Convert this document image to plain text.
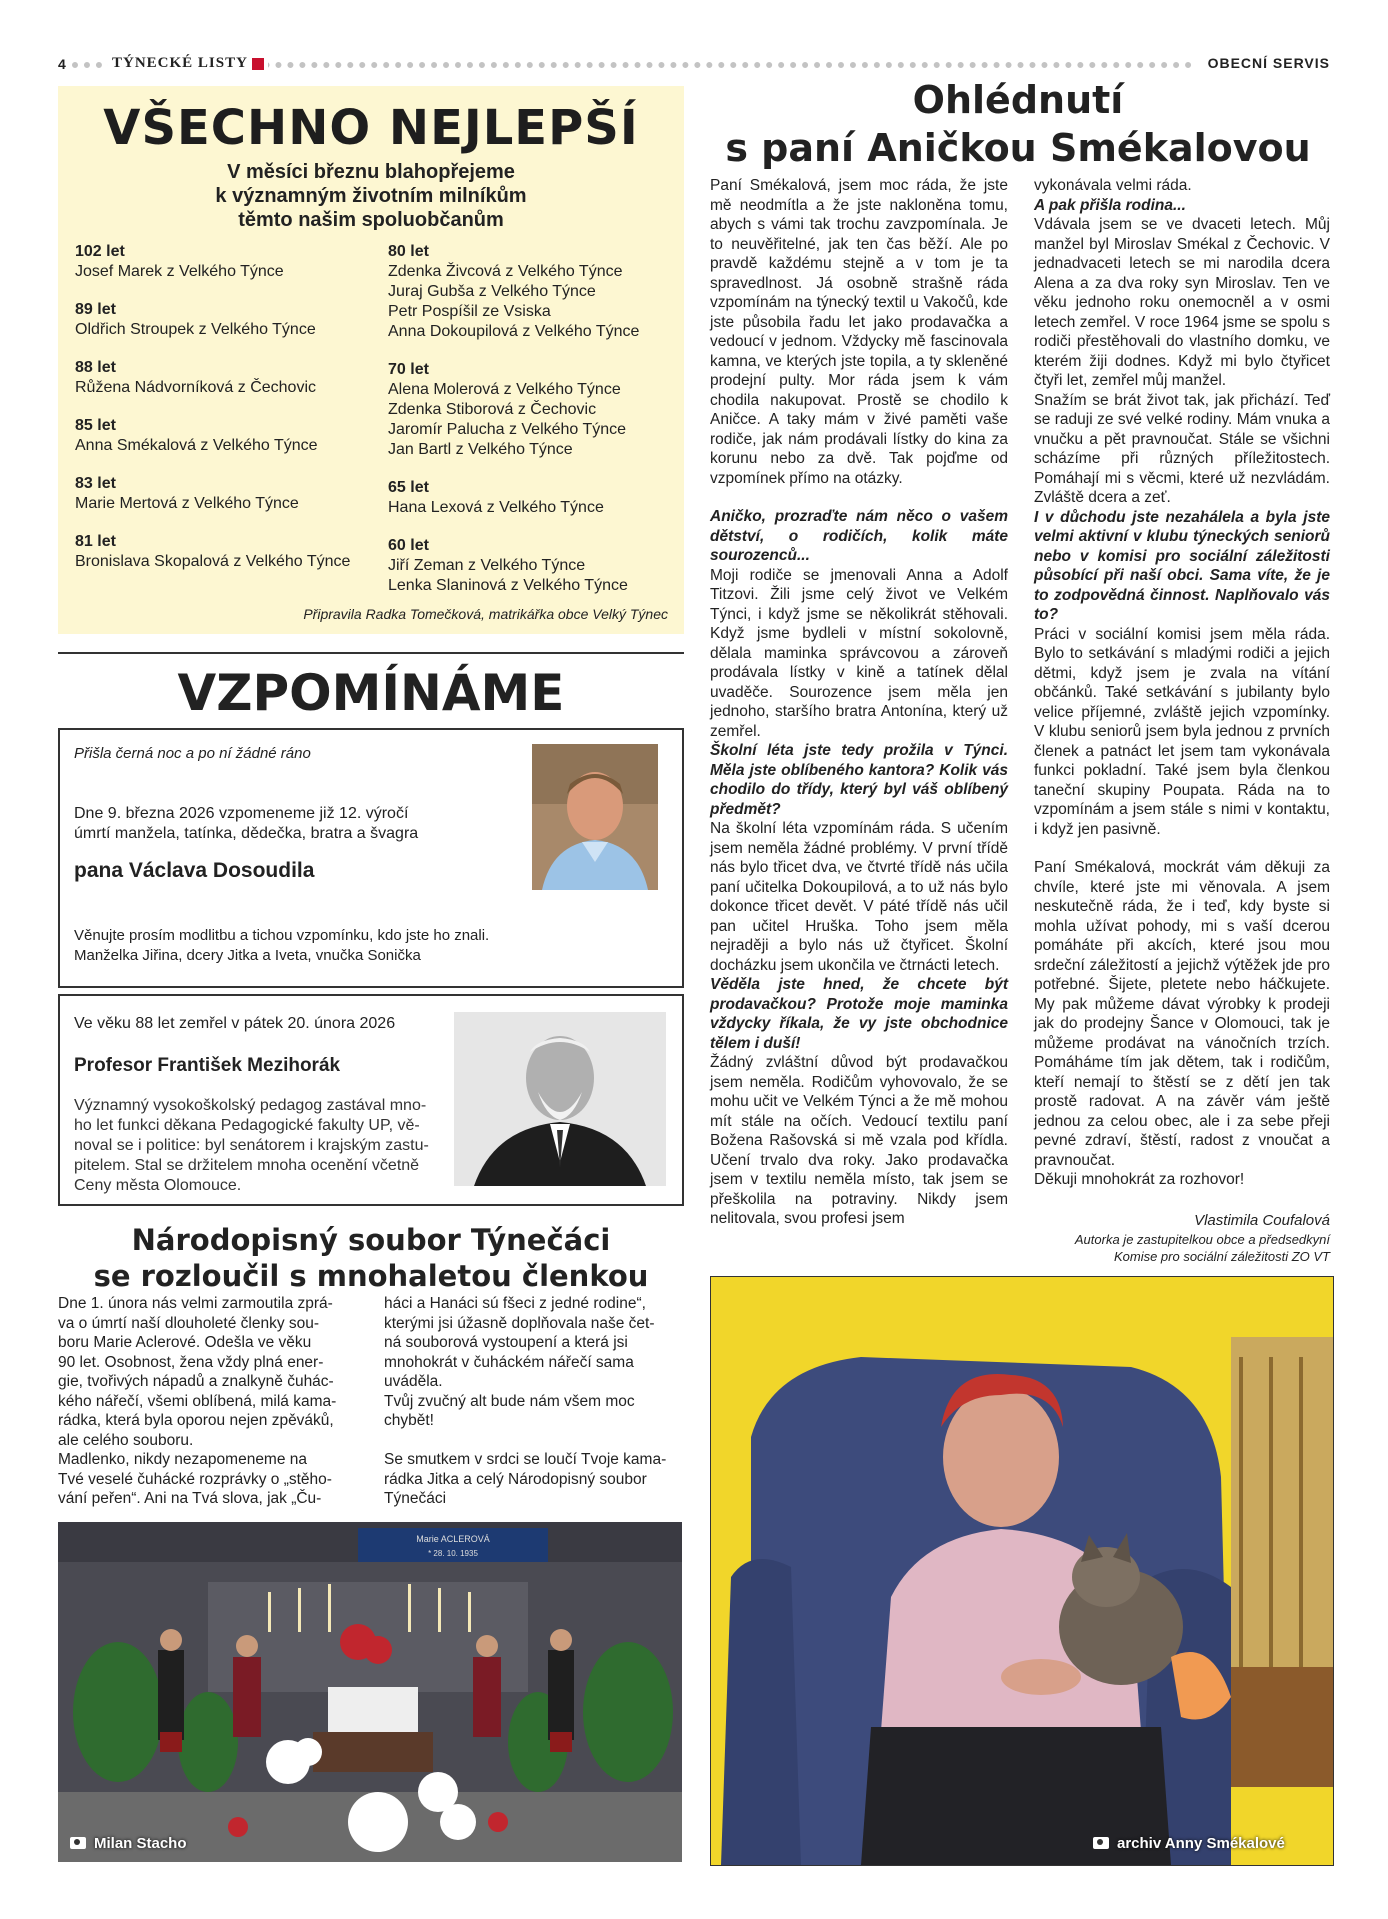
4	TÝNECKÉ LISTY	OBECNÍ SERVIS
VŠECHNO NEJLEPŠÍ
V měsíci březnu blahopřejeme
k významným životním milníkům
těmto našim spoluobčanům
102 let
Josef Marek z Velkého Týnce
89 let
Oldřich Stroupek z Velkého Týnce
88 let
Růžena Nádvorníková z Čechovic
85 let
Anna Smékalová z Velkého Týnce
83 let
Marie Mertová z Velkého Týnce
81 let
Bronislava Skopalová z Velkého Týnce
80 let
Zdenka Živcová z Velkého Týnce
Juraj Gubša z Velkého Týnce
Petr Pospíšil ze Vsiska
Anna Dokoupilová z Velkého Týnce
70 let
Alena Molerová z Velkého Týnce
Zdenka Stiborová z Čechovic
Jaromír Palucha z Velkého Týnce
Jan Bartl z Velkého Týnce
65 let
Hana Lexová z Velkého Týnce
60 let
Jiří Zeman z Velkého Týnce
Lenka Slaninová z Velkého Týnce
Připravila Radka Tomečková, matrikářka obce Velký Týnec
VZPOMÍNÁME
Přišla černá noc a po ní žádné ráno
Dne 9. března 2026 vzpomeneme již 12. výročí
úmrtí manžela, tatínka, dědečka, bratra a švagra
pana Václava Dosoudila
Věnujte prosím modlitbu a tichou vzpomínku, kdo jste ho znali.
Manželka Jiřina, dcery Jitka a Iveta, vnučka Sonička
Ve věku 88 let zemřel v pátek 20. února 2026
Profesor František Mezihorák
Významný vysokoškolský pedagog zastával mno-
ho let funkci děkana Pedagogické fakulty UP, vě-
noval se i politice: byl senátorem i krajským zastu-
pitelem. Stal se držitelem mnoha ocenění včetně
Ceny města Olomouce.
Národopisný soubor Týnečáci
se rozloučil s mnohaletou členkou
Dne 1. února nás velmi zarmoutila zprá-
va o úmrtí naší dlouholeté členky sou-
boru Marie Aclerové. Odešla ve věku
90 let. Osobnost, žena vždy plná ener-
gie, tvořivých nápadů a znalkyně čuhác-
kého nářečí, všemi oblíbená, milá kama-
rádka, která byla oporou nejen zpěváků,
ale celého souboru.
Madlenko, nikdy nezapomeneme na
Tvé veselé čuhácké rozprávky o „stěho-
vání peřen“. Ani na Tvá slova, jak „Ču-
háci a Hanáci sú fšeci z jedné rodine“,
kterými jsi úžasně doplňovala naše čet-
ná souborová vystoupení a která jsi
mnohokrát v čuháckém nářečí sama
uváděla.
Tvůj zvučný alt bude nám všem moc
chybět!
Se smutkem v srdci se loučí Tvoje kama-
rádka Jitka a celý Národopisný soubor
Týnečáci
Marie ACLEROVÁ
* 28. 10. 1935
Milan Stacho
Ohlédnutí
s paní Aničkou Smékalovou

Paní Smékalová, jsem moc ráda, že jste mě neodmítla a že jste nakloněna tomu, abych s vámi tak trochu zavzpomínala. Je to neuvěřitelné, jak ten čas běží. Ale po pravdě každému stejně a v tom je ta spravedlnost. Já osobně strašně ráda vzpomínám na týnecký textil u Vakočů, kde jste působila řadu let jako prodavačka a vedoucí v jednom. Vždycky mě fascinovala kamna, ve kterých jste topila, a ty skleněné prodejní pulty. Mor ráda jsem k vám chodila nakupovat. Prostě se chodilo k Aničce. A taky mám v živé paměti vaše rodiče, jak nám prodávali lístky do kina za korunu nebo za dvě. Tak pojďme od vzpomínek přímo na otázky.

Aničko, prozraďte nám něco o vašem dětství, o rodičích, kolik máte sourozenců...

Moji rodiče se jmenovali Anna a Adolf Titzovi. Žili jsme celý život ve Velkém Týnci, i když jsme se několikrát stěhovali. Když jsme bydleli v místní sokolovně, dělala maminka správcovou a zároveň prodávala lístky v kině a tatínek dělal uvaděče. Sourozence jsem měla jen jednoho, staršího bratra Antonína, který už zemřel.

Školní léta jste tedy prožila v Týnci. Měla jste oblíbeného kantora? Kolik vás chodilo do třídy, který byl váš oblíbený předmět?

Na školní léta vzpomínám ráda. S učením jsem neměla žádné problémy. V první třídě nás bylo třicet dva, ve čtvrté třídě nás učila paní učitelka Dokoupilová, a to už nás bylo dokonce třicet devět. V páté třídě nás učil pan učitel Hruška. Toho jsem měla nejraději a bylo nás už čtyřicet. Školní docházku jsem ukončila ve čtrnácti letech.

Věděla jste hned, že chcete být prodavačkou? Protože moje maminka vždycky říkala, že vy jste obchodnice tělem i duší!

Žádný zvláštní důvod být prodavačkou jsem neměla. Rodičům vyhovovalo, že se mohu učit ve Velkém Týnci a že mě mohou mít stále na očích. Vedoucí textilu paní Božena Rašovská si mě vzala pod křídla. Učení trvalo dva roky. Jako prodavačka jsem v textilu neměla místo, tak jsem se přeškolila na potraviny. Nikdy jsem nelitovala, svou profesi jsem

vykonávala velmi ráda.

A pak přišla rodina...

Vdávala jsem se ve dvaceti letech. Můj manžel byl Miroslav Smékal z Čechovic. V jednadvaceti letech se mi narodila dcera Alena a za dva roky syn Miroslav. Ten ve věku jednoho roku onemocněl a v osmi letech zemřel. V roce 1964 jsme se spolu s rodiči přestěhovali do vlastního domku, ve kterém žiji dodnes. Když mi bylo čtyřicet čtyři let, zemřel můj manžel.

Snažím se brát život tak, jak přichází. Teď se raduji ze své velké rodiny. Mám vnuka a vnučku a pět pravnoučat. Stále se všichni scházíme při různých příležitostech. Pomáhají mi s věcmi, které už nezvládám. Zvláště dcera a zeť.

I v důchodu jste nezahálela a byla jste velmi aktivní v klubu týneckých seniorů nebo v komisi pro sociální záležitosti působící při naší obci. Sama víte, že je to zodpovědná činnost. Naplňovalo vás to?

Práci v sociální komisi jsem měla ráda. Bylo to setkávání s mladými rodiči a jejich dětmi, když jsem je zvala na vítání občánků. Také setkávání s jubilanty bylo velice příjemné, zvláště jejich vzpomínky. V klubu seniorů jsem byla jednou z prvních členek a patnáct let jsem tam vykonávala funkci pokladní. Také jsem byla členkou taneční skupiny Poupata. Ráda na to vzpomínám a jsem stále s nimi v kontaktu, i když jen pasivně.

Paní Smékalová, mockrát vám děkuji za chvíle, které jste mi věnovala. A jsem neskutečně ráda, že i teď, kdy byste si mohla užívat pohody, mi s vaší dcerou pomáháte při akcích, které jsou mou srdeční záležitostí a jejichž výtěžek jde pro potřebné. Šijete, pletete nebo háčkujete. My pak můžeme dávat výrobky k prodeji jak do prodejny Šance v Olomouci, tak je můžeme prodávat na vánočních trzích. Pomáháme tím jak dětem, tak i rodičům, kteří nemají to štěstí se z dětí jen tak prostě radovat. A na závěr vám ještě jednou za celou obec, ale i za sebe přeji pevné zdraví, štěstí, radost z vnoučat a pravnoučat.

Děkuji mnohokrát za rozhovor!

Vlastimila Coufalová
Autorka je zastupitelkou obce a předsedkyní
Komise pro sociální záležitosti ZO VT
archiv Anny Smékalové
